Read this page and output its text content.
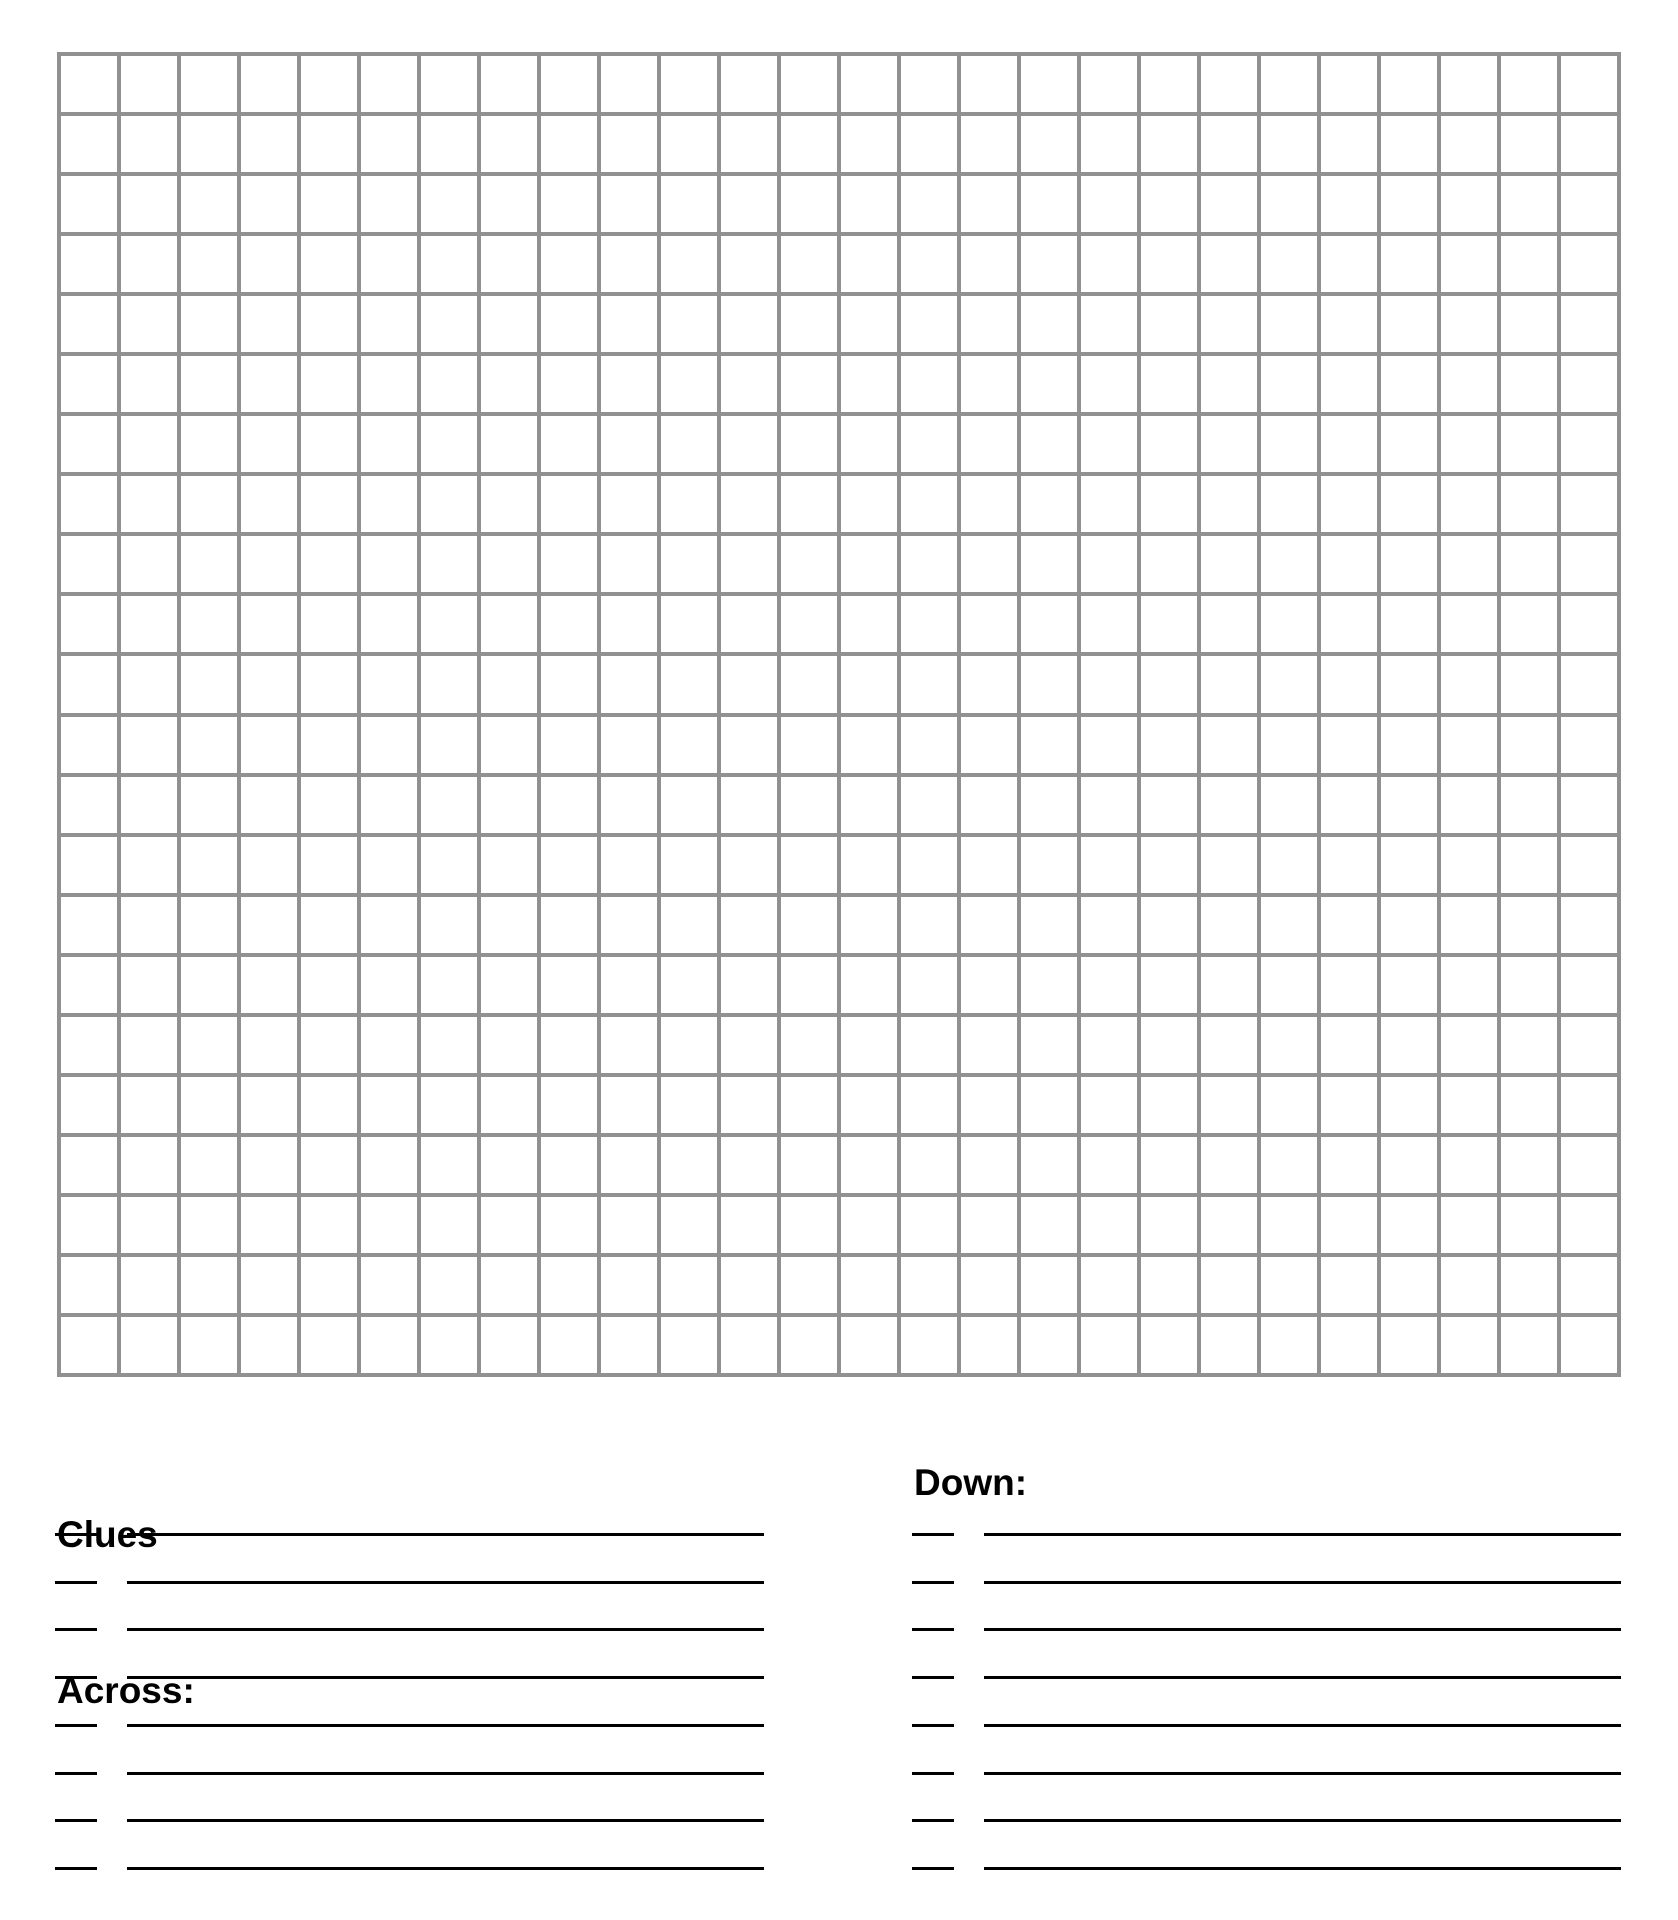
Clues

Across:

Down:
